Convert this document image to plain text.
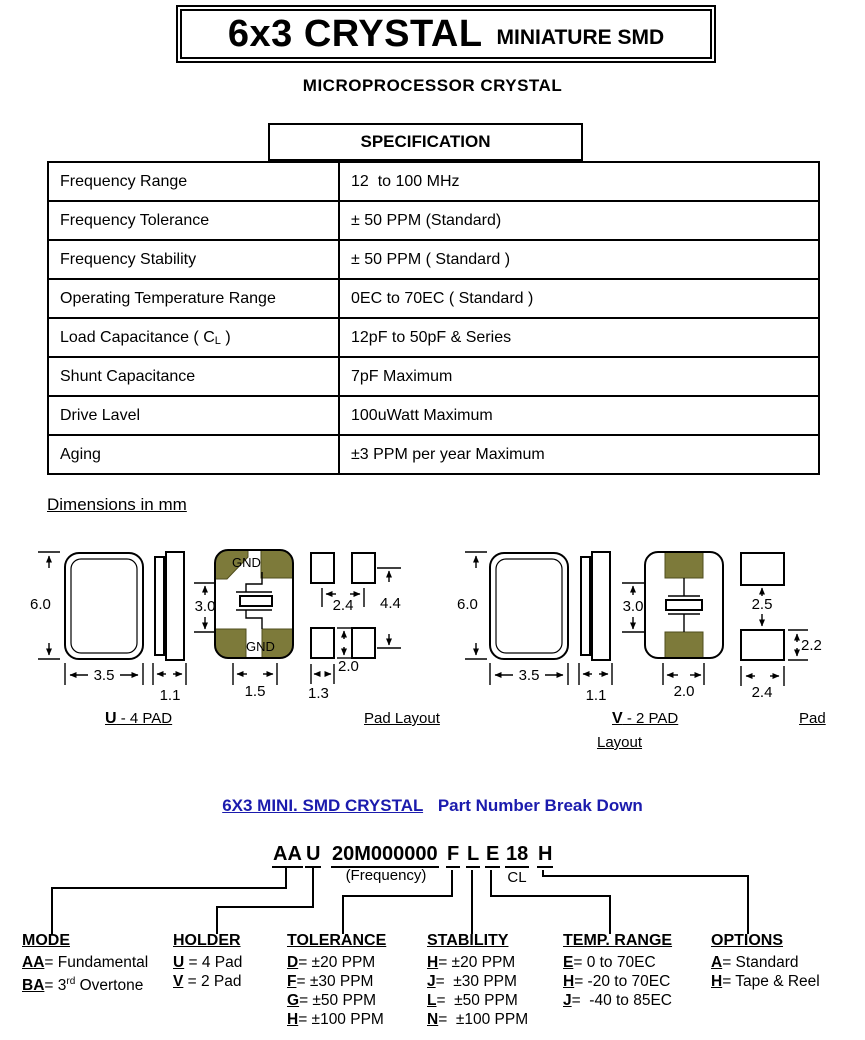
6x3 CRYSTAL MINIATURE SMD
MICROPROCESSOR CRYSTAL
SPECIFICATION
Frequency Range	12  to 100 MHz
Frequency Tolerance	± 50 PPM (Standard)
Frequency Stability	± 50 PPM ( Standard )
Operating Temperature Range	0EC to 70EC ( Standard )
Load Capacitance ( CL )	12pF to 50pF & Series
Shunt Capacitance	7pF Maximum
Drive Lavel	100uWatt Maximum
Aging	±3 PPM per year Maximum
Dimensions in mm
6.0
3.5
1.1
GND
GND
3.0
1.5
2.4 4.4
2.0
1.3
6.0
3.5
1.1
3.0
2.0
2.5
2.2
2.4
U - 4 PAD	Pad Layout	V - 2 PAD	Pad
Layout
6X3 MINI. SMD CRYSTAL Part Number Break Down
AA U 20M000000 F L E 18 H
(Frequency)	CL
MODE
AA= Fundamental
BA= 3rd Overtone
HOLDER
U = 4 Pad
V = 2 Pad
TOLERANCE
D= ±20 PPM
F= ±30 PPM
G= ±50 PPM
H= ±100 PPM
STABILITY
H= ±20 PPM
J=  ±30 PPM
L=  ±50 PPM
N=  ±100 PPM
TEMP. RANGE
E= 0 to 70EC
H= -20 to 70EC
J=  -40 to 85EC
OPTIONS
A= Standard
H= Tape & Reel
